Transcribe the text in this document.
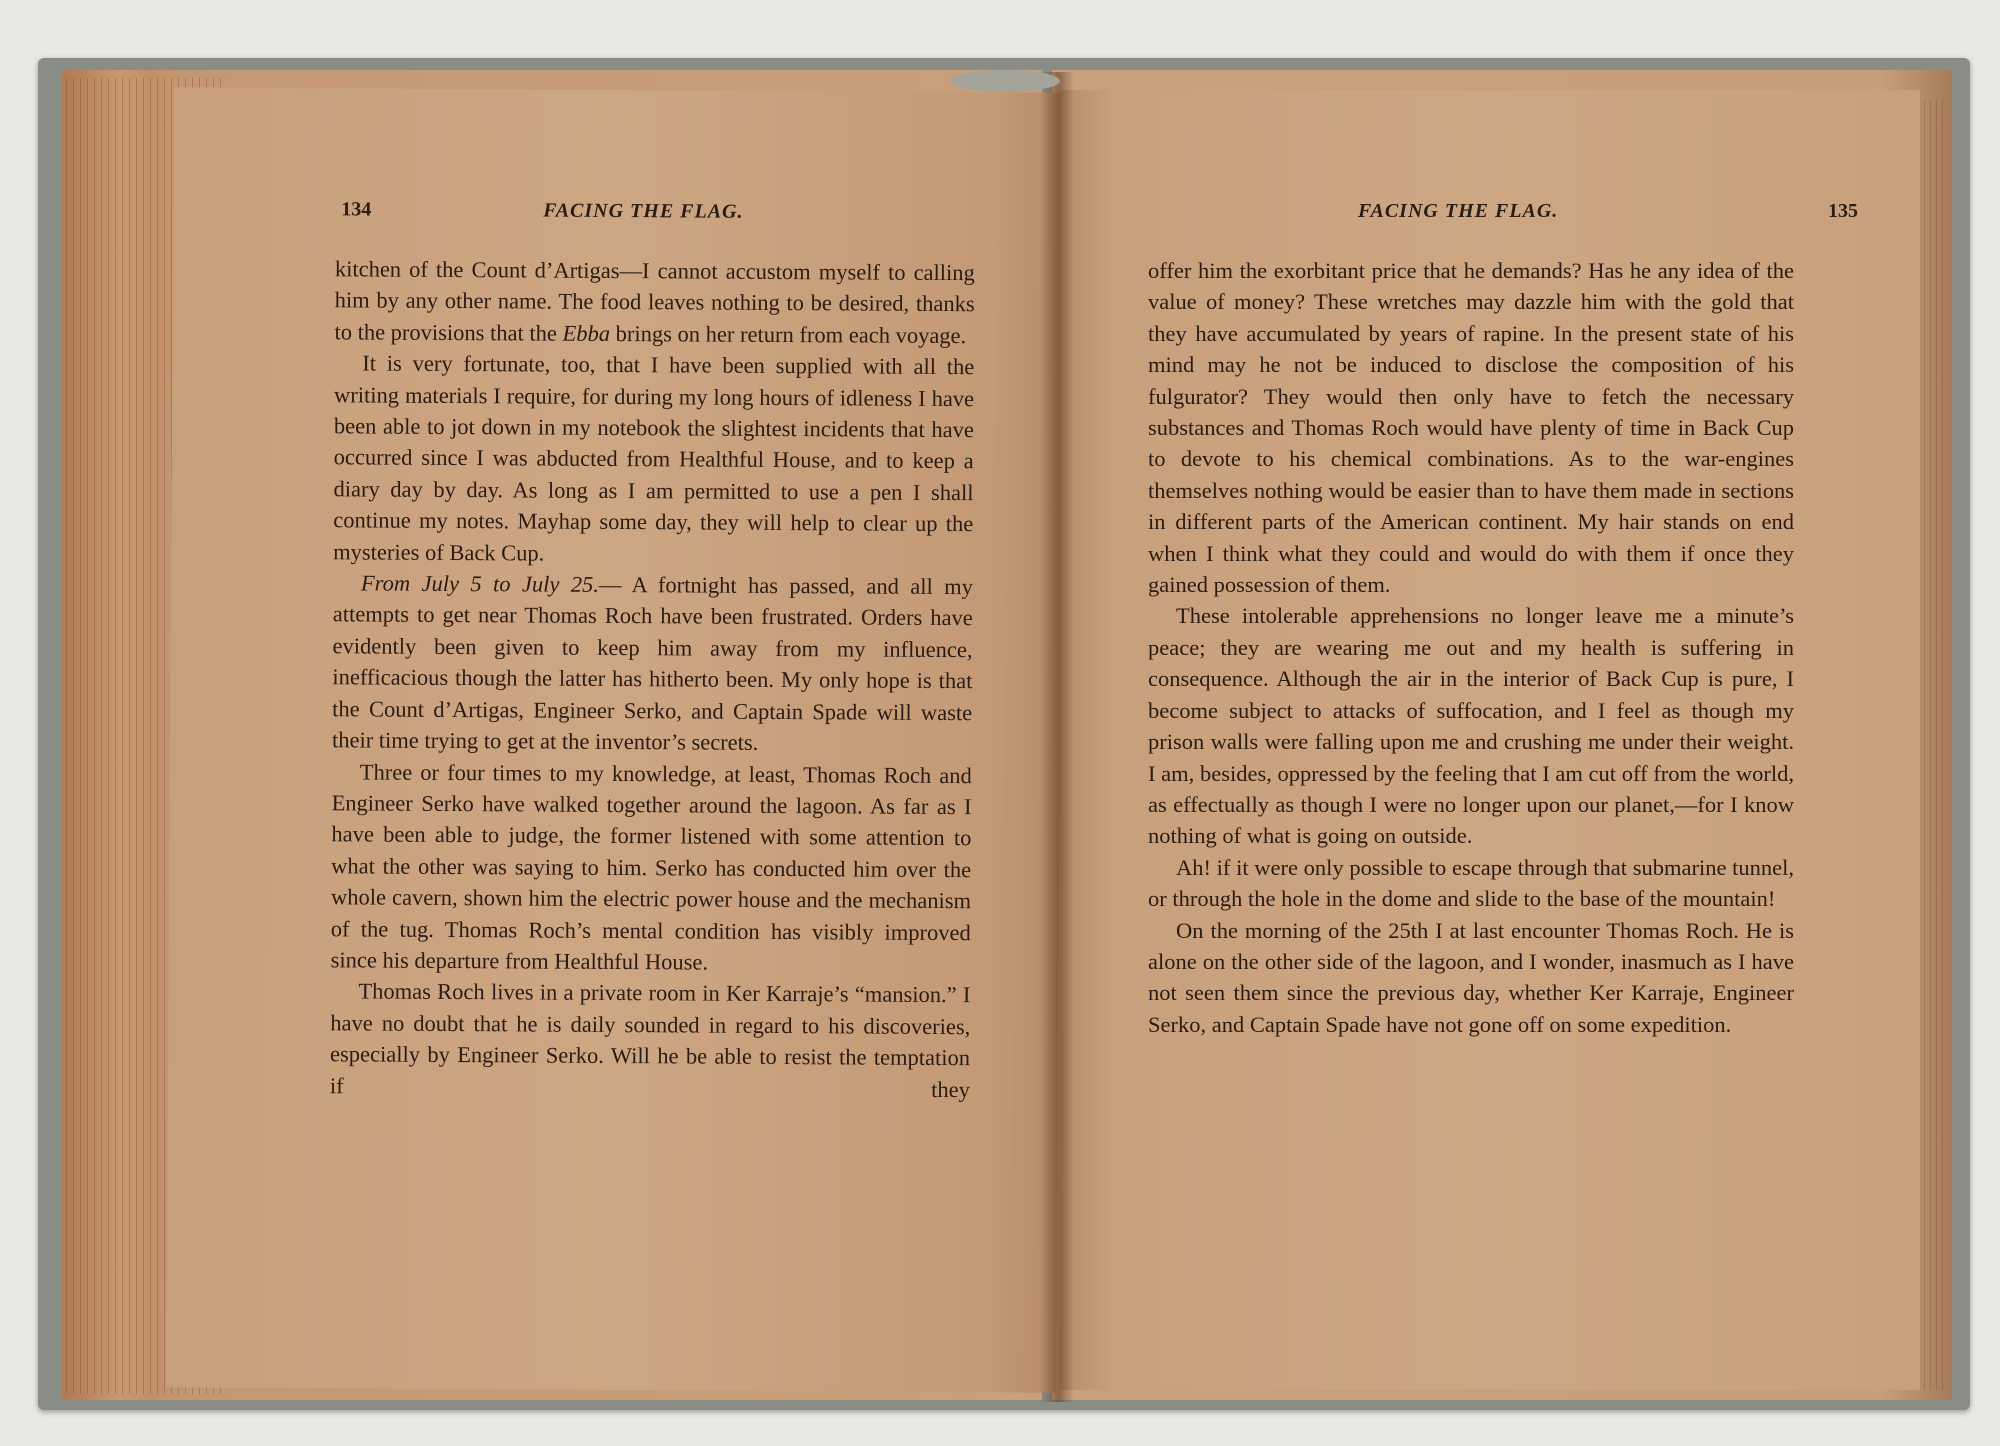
134	FACING THE FLAG.

kitchen of the Count d’Artigas—I cannot accustom myself to calling him by any other name. The food leaves nothing to be desired, thanks to the provisions that the Ebba brings on her return from each voyage.

It is very fortunate, too, that I have been supplied with all the writing materials I require, for during my long hours of idleness I have been able to jot down in my notebook the slightest incidents that have occurred since I was abducted from Healthful House, and to keep a diary day by day. As long as I am permitted to use a pen I shall continue my notes. Mayhap some day, they will help to clear up the mysteries of Back Cup.

From July 5 to July 25.— A fortnight has passed, and all my attempts to get near Thomas Roch have been frustrated. Orders have evidently been given to keep him away from my influence, inefficacious though the latter has hitherto been. My only hope is that the Count d’Artigas, Engineer Serko, and Captain Spade will waste their time trying to get at the inventor’s secrets.

Three or four times to my knowledge, at least, Thomas Roch and Engineer Serko have walked together around the lagoon. As far as I have been able to judge, the former listened with some attention to what the other was saying to him. Serko has conducted him over the whole cavern, shown him the electric power house and the mechanism of the tug. Thomas Roch’s mental condition has visibly improved since his departure from Healthful House.

Thomas Roch lives in a private room in Ker Karraje’s “mansion.” I have no doubt that he is daily sounded in regard to his discoveries, especially by Engineer Serko. Will he be able to resist the temptation if they

FACING THE FLAG.	135

offer him the exorbitant price that he demands? Has he any idea of the value of money? These wretches may dazzle him with the gold that they have accumulated by years of rapine. In the present state of his mind may he not be induced to disclose the composition of his fulgurator? They would then only have to fetch the necessary substances and Thomas Roch would have plenty of time in Back Cup to devote to his chemical combinations. As to the war-engines themselves nothing would be easier than to have them made in sections in different parts of the American continent. My hair stands on end when I think what they could and would do with them if once they gained possession of them.

These intolerable apprehensions no longer leave me a minute’s peace; they are wearing me out and my health is suffering in consequence. Although the air in the interior of Back Cup is pure, I become subject to attacks of suffocation, and I feel as though my prison walls were falling upon me and crushing me under their weight. I am, besides, oppressed by the feeling that I am cut off from the world, as effectually as though I were no longer upon our planet,—for I know nothing of what is going on outside.

Ah! if it were only possible to escape through that submarine tunnel, or through the hole in the dome and slide to the base of the mountain!

On the morning of the 25th I at last encounter Thomas Roch. He is alone on the other side of the lagoon, and I wonder, inasmuch as I have not seen them since the previous day, whether Ker Karraje, Engineer Serko, and Captain Spade have not gone off on some expedition.
